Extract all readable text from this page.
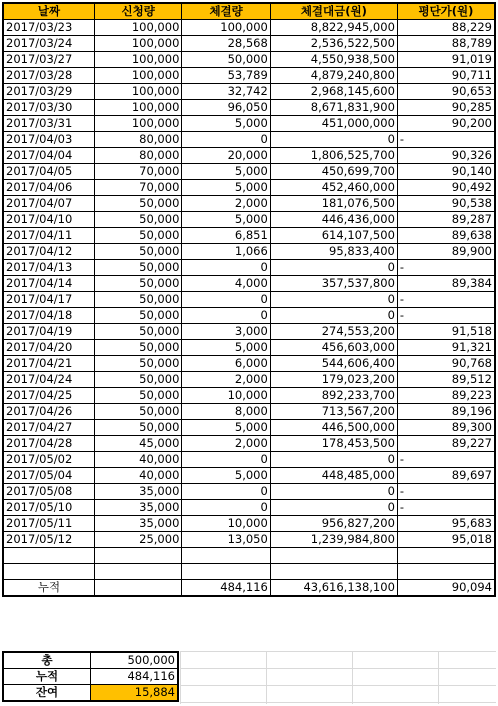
날짜	신청량	체결량	체결대금(원)	평단가(원)
2017/03/23	100,000	100,000	8,822,945,000	88,229
2017/03/24	100,000	28,568	2,536,522,500	88,789
2017/03/27	100,000	50,000	4,550,938,500	91,019
2017/03/28	100,000	53,789	4,879,240,800	90,711
2017/03/29	100,000	32,742	2,968,145,600	90,653
2017/03/30	100,000	96,050	8,671,831,900	90,285
2017/03/31	100,000	5,000	451,000,000	90,200
2017/04/03	80,000	0	0	-
2017/04/04	80,000	20,000	1,806,525,700	90,326
2017/04/05	70,000	5,000	450,699,700	90,140
2017/04/06	70,000	5,000	452,460,000	90,492
2017/04/07	50,000	2,000	181,076,500	90,538
2017/04/10	50,000	5,000	446,436,000	89,287
2017/04/11	50,000	6,851	614,107,500	89,638
2017/04/12	50,000	1,066	95,833,400	89,900
2017/04/13	50,000	0	0	-
2017/04/14	50,000	4,000	357,537,800	89,384
2017/04/17	50,000	0	0	-
2017/04/18	50,000	0	0	-
2017/04/19	50,000	3,000	274,553,200	91,518
2017/04/20	50,000	5,000	456,603,000	91,321
2017/04/21	50,000	6,000	544,606,400	90,768
2017/04/24	50,000	2,000	179,023,200	89,512
2017/04/25	50,000	10,000	892,233,700	89,223
2017/04/26	50,000	8,000	713,567,200	89,196
2017/04/27	50,000	5,000	446,500,000	89,300
2017/04/28	45,000	2,000	178,453,500	89,227
2017/05/02	40,000	0	0	-
2017/05/04	40,000	5,000	448,485,000	89,697
2017/05/08	35,000	0	0	-
2017/05/10	35,000	0	0	-
2017/05/11	35,000	10,000	956,827,200	95,683
2017/05/12	25,000	13,050	1,239,984,800	95,018

누적		484,116	43,616,138,100	90,094
총	500,000
누적	484,116
잔여	15,884
